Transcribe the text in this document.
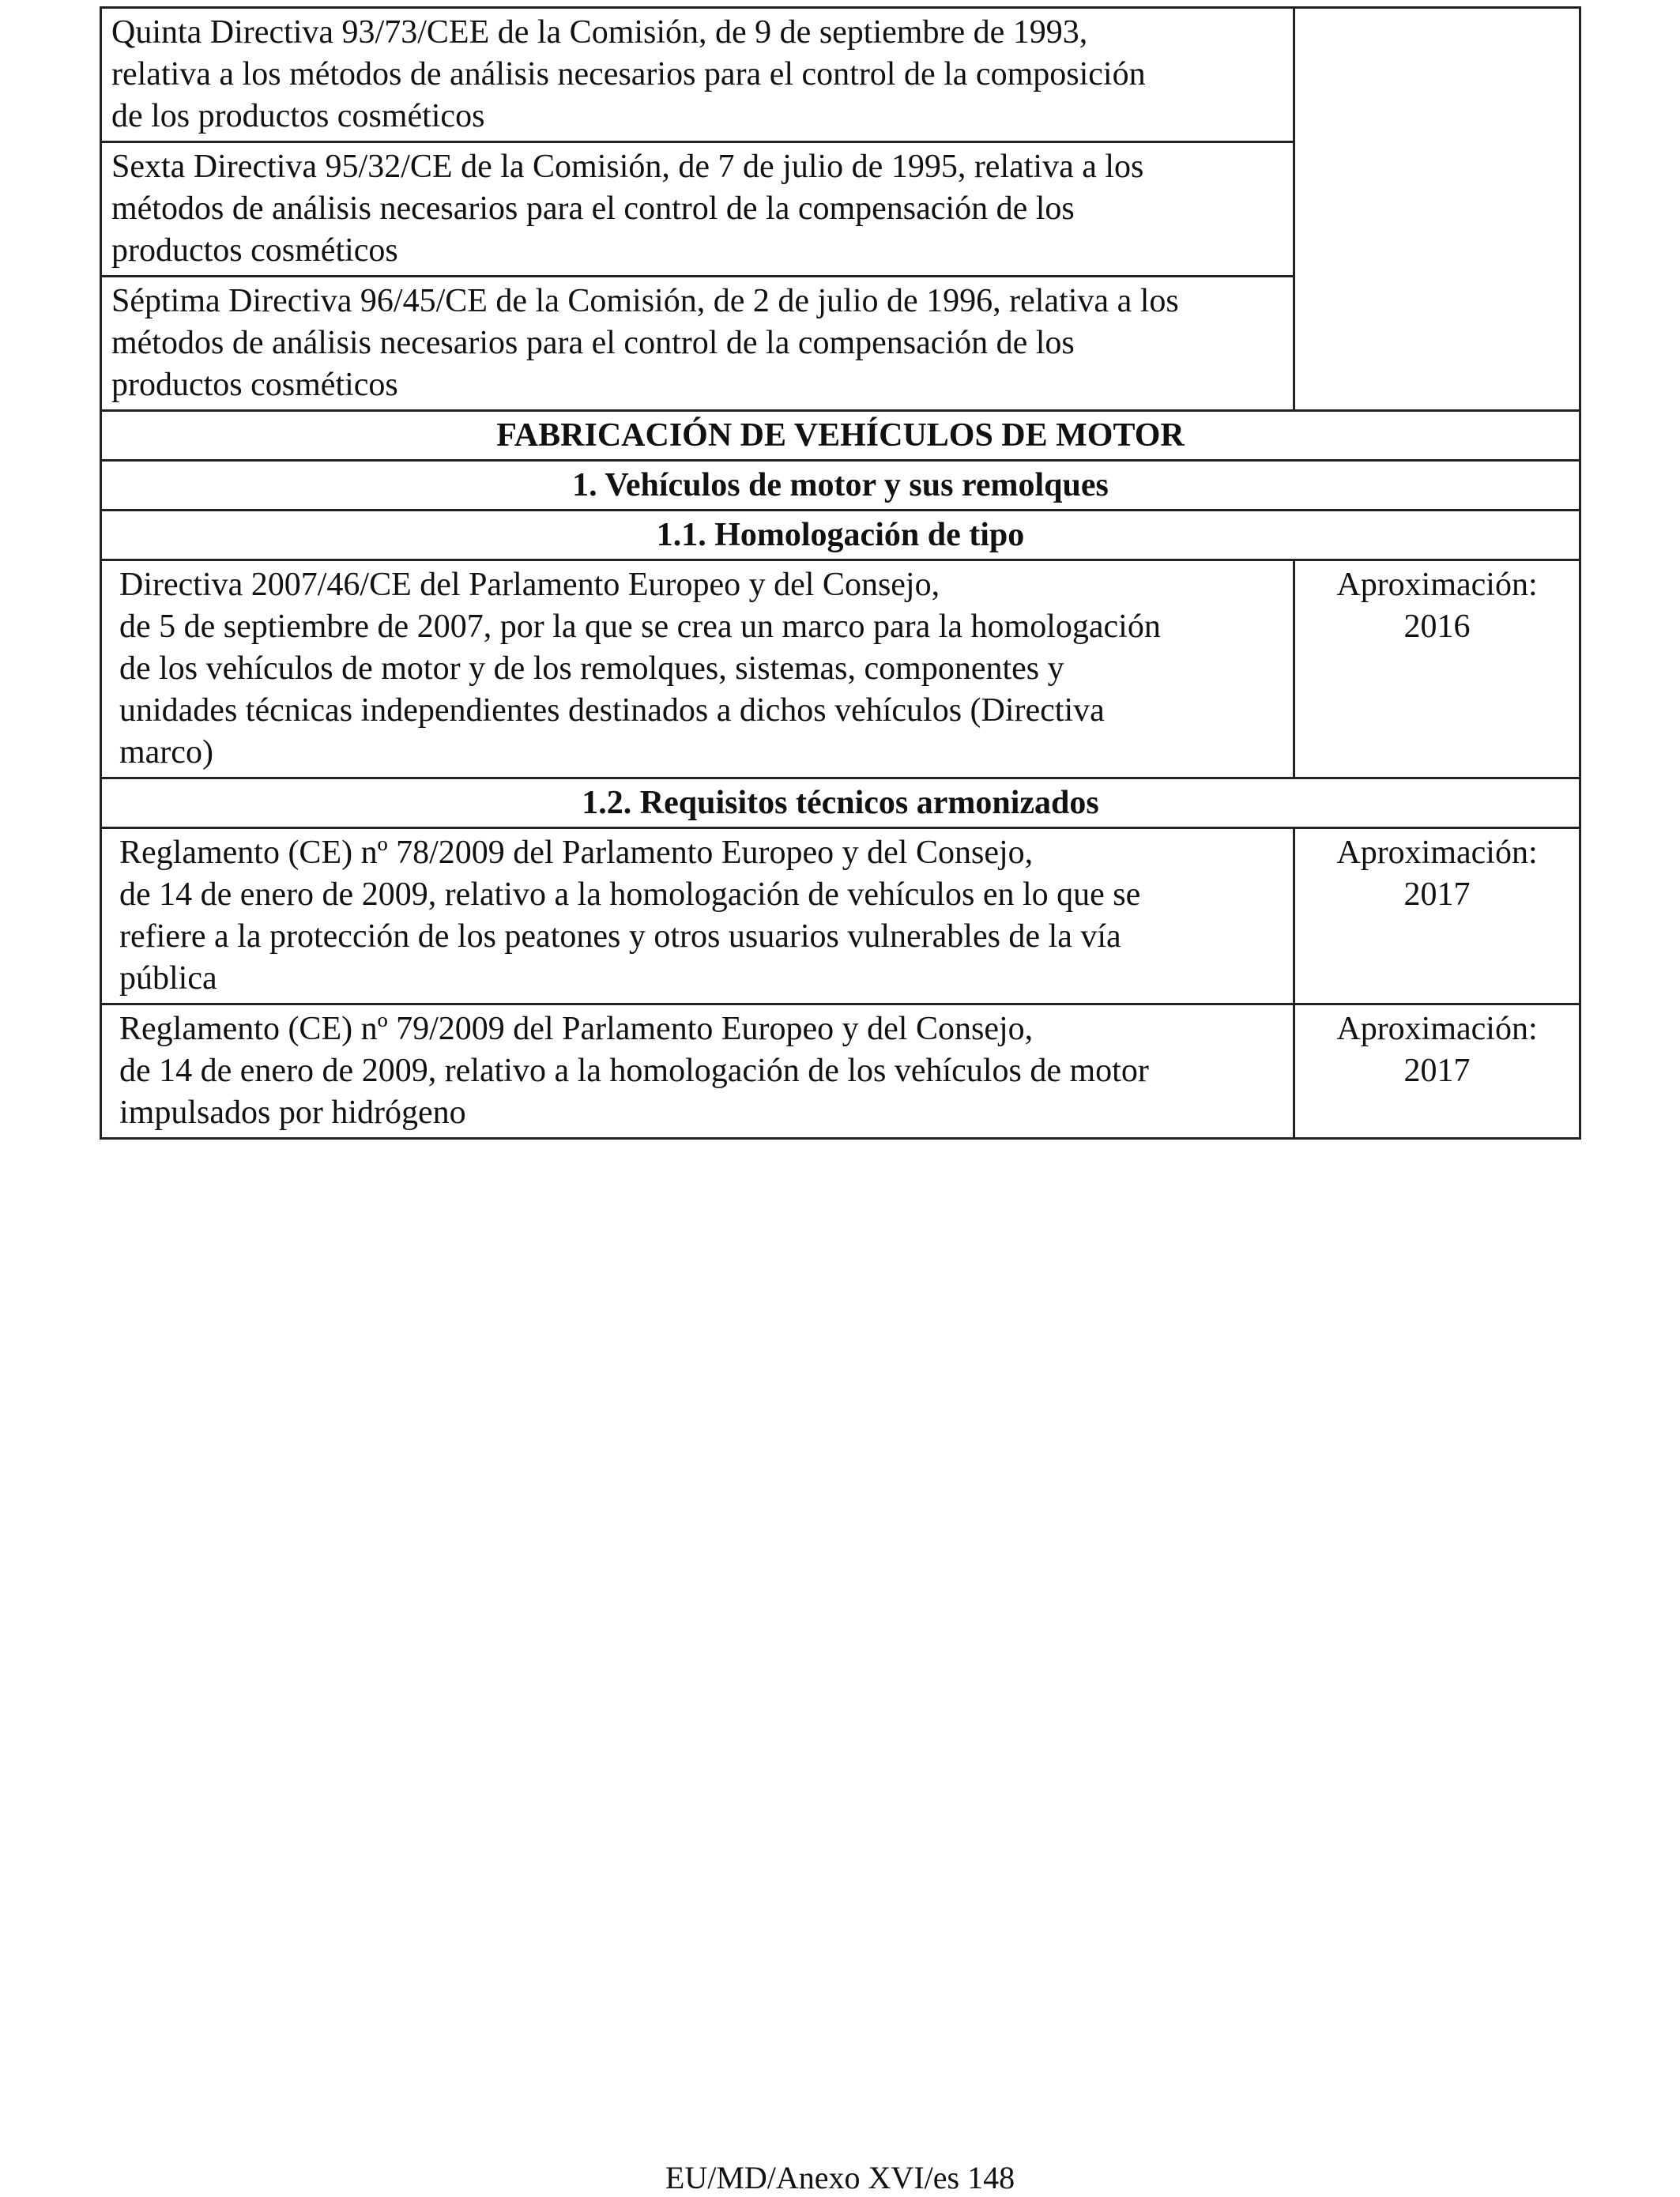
Quinta Directiva 93/73/CEE de la Comisión, de 9 de septiembre de 1993,
relativa a los métodos de análisis necesarios para el control de la composición
de los productos cosméticos	

Sexta Directiva 95/32/CE de la Comisión, de 7 de julio de 1995, relativa a los
métodos de análisis necesarios para el control de la compensación de los
productos cosméticos	

Séptima Directiva 96/45/CE de la Comisión, de 2 de julio de 1996, relativa a los
métodos de análisis necesarios para el control de la compensación de los
productos cosméticos	

FABRICACIÓN DE VEHÍCULOS DE MOTOR	
1. Vehículos de motor y sus remolques	
1.1. Homologación de tipo	

Directiva 2007/46/CE del Parlamento Europeo y del Consejo,
de 5 de septiembre de 2007, por la que se crea un marco para la homologación
de los vehículos de motor y de los remolques, sistemas, componentes y
unidades técnicas independientes destinados a dichos vehículos (Directiva
marco)	Aproximación:
2016

1.2. Requisitos técnicos armonizados	

Reglamento (CE) nº 78/2009 del Parlamento Europeo y del Consejo,
de 14 de enero de 2009, relativo a la homologación de vehículos en lo que se
refiere a la protección de los peatones y otros usuarios vulnerables de la vía
pública	Aproximación:
2017

Reglamento (CE) nº 79/2009 del Parlamento Europeo y del Consejo,
de 14 de enero de 2009, relativo a la homologación de los vehículos de motor
impulsados por hidrógeno	Aproximación:
2017
EU/MD/Anexo XVI/es 148
